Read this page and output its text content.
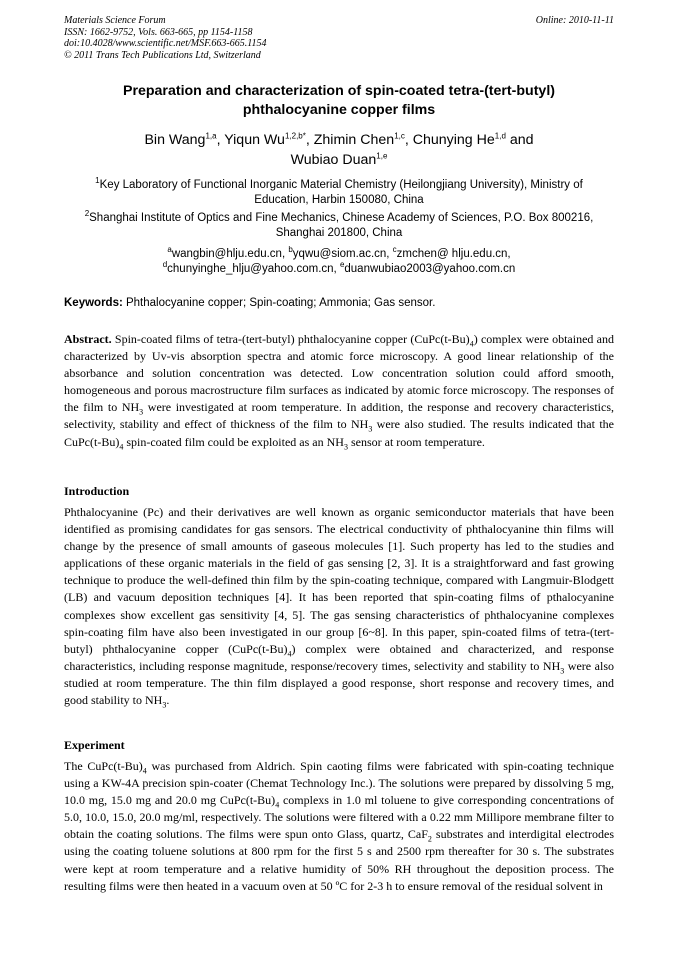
Materials Science Forum
ISSN: 1662-9752, Vols. 663-665, pp 1154-1158
doi:10.4028/www.scientific.net/MSF.663-665.1154
© 2011 Trans Tech Publications Ltd, Switzerland
Online: 2010-11-11
Preparation and characterization of spin-coated tetra-(tert-butyl)
phthalocyanine copper films
Bin Wang$^{1,a}$, Yiqun $Wu^{1,2,b*}$, Zhimin Chen$^{1,c}$, Chunying He$^{1,d}$ and
Wubiao Duan$^{1,e}$
$^1$Key Laboratory of Functional Inorganic Material Chemistry (Heilongjiang University), Ministry of
Education, Harbin 150080, China
$^2$Shanghai Institute of Optics and Fine Mechanics, Chinese Academy of Sciences, P.O. Box 800216,
Shanghai 201800, China
$^a$wangbin@hlju.edu.cn, $^b$yqwu@siom.ac.cn, $^c$zmchen@ hlju.edu.cn,
$^d$chunyinghe_hlju@yahoo.com.cn, $^e$duanwubiao2003@yahoo.com.cn
Keywords: Phthalocyanine copper; Spin-coating; Ammonia; Gas sensor.
Abstract. Spin-coated films of tetra-(tert-butyl) phthalocyanine copper $(CuPc(t-Bu)_4)$ complex were obtained and characterized by Uv-vis absorption spectra and atomic force microscopy. A good linear relationship of the absorbance and solution concentration was detected. Low concentration solution could afford smooth, homogeneous and porous macrostructure film surfaces as indicated by atomic force microscopy. The responses of the film to $NH_3$ were investigated at room temperature. In addition, the response and recovery characteristics, selectivity, stability and effect of thickness of the film to $NH_3$ were also studied. The results indicated that the $CuPc(t-Bu)_4$ spin-coated film could be exploited as an $NH_3$ sensor at room temperature.
Introduction
Phthalocyanine (Pc) and their derivatives are well known as organic semiconductor materials that have been identified as promising candidates for gas sensors. The electrical conductivity of phthalocyanine thin films will change by the presence of small amounts of gaseous molecules [1]. Such property has led to the studies and applications of these organic materials in the field of gas sensing [2, 3]. It is a straightforward and fast growing technique to produce the well-defined thin film by the spin-coating technique, compared with Langmuir-Blodgett (LB) and vacuum deposition techniques [4]. It has been reported that spin-coating films of pthalocyanine complexes show excellent gas sensitivity [4, 5]. The gas sensing characteristics of phthalocyanine complexes spin-coating film have also been investigated in our group [6~8]. In this paper, spin-coated films of tetra-(tert-butyl) phthalocyanine copper $(CuPc(t-Bu)_4)$ complex were obtained and characterized, and response characteristics, including response magnitude, response/recovery times, selectivity and stability to $NH_3$ were also studied at room temperature. The thin film displayed a good response, short response and recovery times, and good stability to $NH_3$.
Experiment
The $CuPc(t-Bu)_4$ was purchased from Aldrich. Spin caoting films were fabricated with spin-coating technique using a KW-4A precision spin-coater (Chemat Technology Inc.). The solutions were prepared by dissolving 5 mg, 10.0 mg, 15.0 mg and 20.0 mg $CuPc(t-Bu)_4$ complexs in 1.0 ml toluene to give corresponding concentrations of 5.0, 10.0, 15.0, 20.0 mg/ml, respectively. The solutions were filtered with a 0.22 mm Millipore membrane filter to obtain the coating solutions. The films were spun onto Glass, quartz, CaF$_2$ substrates and interdigital electrodes using the coating toluene solutions at 800 rpm for the first 5 s and 2500 rpm thereafter for 30 s. The substrates were kept at room temperature and a relative humidity of 50% RH throughout the deposition process. The resulting films were then heated in a vacuum oven at 50 ºC for 2-3 h to ensure removal of the residual solvent in
